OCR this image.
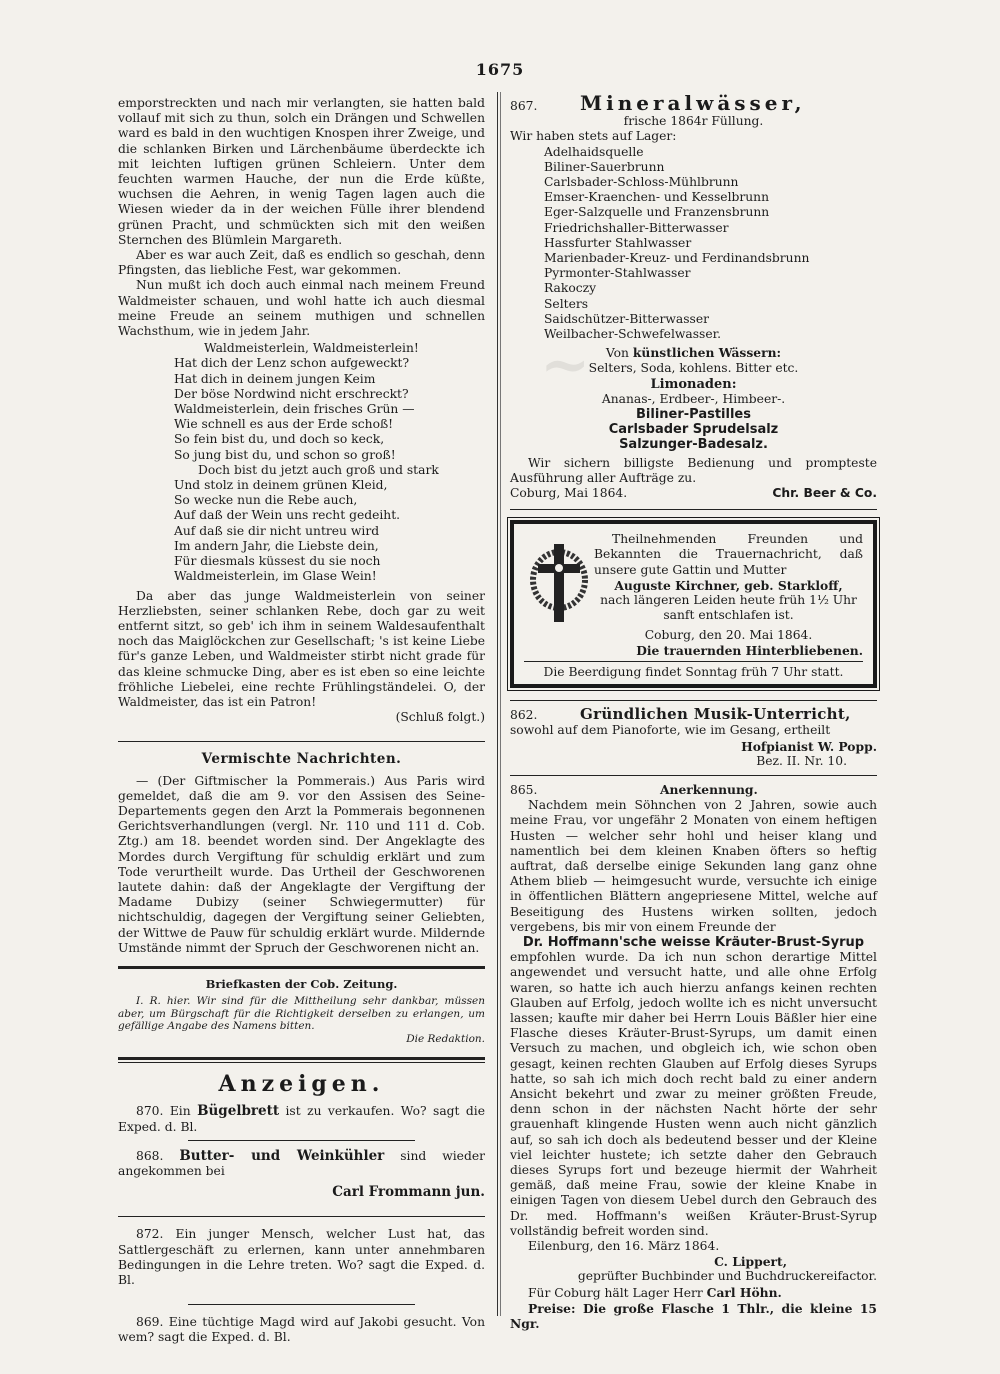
~
1675

emporstreckten und nach mir verlangten, sie hatten bald vollauf mit sich zu thun, solch ein Drängen und Schwellen ward es bald in den wuchtigen Knospen ihrer Zweige, und die schlanken Birken und Lärchenbäume überdeckte ich mit leichten luftigen grünen Schleiern. Unter dem feuchten warmen Hauche, der nun die Erde küßte, wuchsen die Aehren, in wenig Tagen lagen auch die Wiesen wieder da in der weichen Fülle ihrer blendend grünen Pracht, und schmückten sich mit den weißen Sternchen des Blümlein Margareth.

Aber es war auch Zeit, daß es endlich so geschah, denn Pfingsten, das liebliche Fest, war gekommen.

Nun mußt ich doch auch einmal nach meinem Freund Waldmeister schauen, und wohl hatte ich auch diesmal meine Freude an seinem muthigen und schnellen Wachsthum, wie in jedem Jahr.

Waldmeisterlein, Waldmeisterlein!
Hat dich der Lenz schon aufgeweckt?
Hat dich in deinem jungen Keim
Der böse Nordwind nicht erschreckt?
Waldmeisterlein, dein frisches Grün —
Wie schnell es aus der Erde schoß!
So fein bist du, und doch so keck,
So jung bist du, und schon so groß!
Doch bist du jetzt auch groß und stark
Und stolz in deinem grünen Kleid,
So wecke nun die Rebe auch,
Auf daß der Wein uns recht gedeiht.
Auf daß sie dir nicht untreu wird
Im andern Jahr, die Liebste dein,
Für diesmals küssest du sie noch
Waldmeisterlein, im Glase Wein!

Da aber das junge Waldmeisterlein von seiner Herzliebsten, seiner schlanken Rebe, doch gar zu weit entfernt sitzt, so geb' ich ihm in seinem Waldesaufenthalt noch das Maiglöckchen zur Gesellschaft; 's ist keine Liebe für's ganze Leben, und Waldmeister stirbt nicht grade für das kleine schmucke Ding, aber es ist eben so eine leichte fröhliche Liebelei, eine rechte Frühlingständelei. O, der Waldmeister, das ist ein Patron!

(Schluß folgt.)

Vermischte Nachrichten.

— (Der Giftmischer la Pommerais.) Aus Paris wird gemeldet, daß die am 9. vor den Assisen des Seine-Departements gegen den Arzt la Pommerais begonnenen Gerichtsverhandlungen (vergl. Nr. 110 und 111 d. Cob. Ztg.) am 18. beendet worden sind. Der Angeklagte des Mordes durch Vergiftung für schuldig erklärt und zum Tode verurtheilt wurde. Das Urtheil der Geschworenen lautete dahin: daß der Angeklagte der Vergiftung der Madame Dubizy (seiner Schwiegermutter) für nichtschuldig, dagegen der Vergiftung seiner Geliebten, der Wittwe de Pauw für schuldig erklärt wurde. Mildernde Umstände nimmt der Spruch der Geschworenen nicht an.

Briefkasten der Cob. Zeitung.

I. R. hier. Wir sind für die Mittheilung sehr dankbar, müssen aber, um Bürgschaft für die Richtigkeit derselben zu erlangen, um gefällige Angabe des Namens bitten.

Die Redaktion.

Anzeigen.

870. Ein Bügelbrett ist zu verkaufen. Wo? sagt die Exped. d. Bl.

868. Butter- und Weinkühler sind wieder angekommen bei

Carl Frommann jun.

872. Ein junger Mensch, welcher Lust hat, das Sattlergeschäft zu erlernen, kann unter annehmbaren Bedingungen in die Lehre treten. Wo? sagt die Exped. d. Bl.

869. Eine tüchtige Magd wird auf Jakobi gesucht. Von wem? sagt die Exped. d. Bl.

867.	Mineralwässer,

frische 1864r Füllung.

Wir haben stets auf Lager:

Adelhaidsquelle
Biliner-Sauerbrunn
Carlsbader-Schloss-Mühlbrunn
Emser-Kraenchen- und Kesselbrunn
Eger-Salzquelle und Franzensbrunn
Friedrichshaller-Bitterwasser
Hassfurter Stahlwasser
Marienbader-Kreuz- und Ferdinandsbrunn
Pyrmonter-Stahlwasser
Rakoczy
Selters
Saidschützer-Bitterwasser
Weilbacher-Schwefelwasser.

Von künstlichen Wässern:

Selters, Soda, kohlens. Bitter etc.

Limonaden:

Ananas-, Erdbeer-, Himbeer-.

Biliner-Pastilles

Carlsbader Sprudelsalz

Salzunger-Badesalz.

Wir sichern billigste Bedienung und prompteste Ausführung aller Aufträge zu.

Coburg, Mai 1864.	Chr. Beer & Co.

Theilnehmenden Freunden und Bekannten die Trauernachricht, daß unsere gute Gattin und Mutter

Auguste Kirchner, geb. Starkloff,

nach längeren Leiden heute früh 1½ Uhr sanft entschlafen ist.

Coburg, den 20. Mai 1864.

Die trauernden Hinterbliebenen.

Die Beerdigung findet Sonntag früh 7 Uhr statt.

862.	Gründlichen Musik-Unterricht,

sowohl auf dem Pianoforte, wie im Gesang, ertheilt

Hofpianist W. Popp.

Bez. II. Nr. 10.

865.	Anerkennung.

Nachdem mein Söhnchen von 2 Jahren, sowie auch meine Frau, vor ungefähr 2 Monaten von einem heftigen Husten — welcher sehr hohl und heiser klang und namentlich bei dem kleinen Knaben öfters so heftig auftrat, daß derselbe einige Sekunden lang ganz ohne Athem blieb — heimgesucht wurde, versuchte ich einige in öffentlichen Blättern angepriesene Mittel, welche auf Beseitigung des Hustens wirken sollten, jedoch vergebens, bis mir von einem Freunde der

Dr. Hoffmann'sche weisse Kräuter-Brust-Syrup

empfohlen wurde. Da ich nun schon derartige Mittel angewendet und versucht hatte, und alle ohne Erfolg waren, so hatte ich auch hierzu anfangs keinen rechten Glauben auf Erfolg, jedoch wollte ich es nicht unversucht lassen; kaufte mir daher bei Herrn Louis Bäßler hier eine Flasche dieses Kräuter-Brust-Syrups, um damit einen Versuch zu machen, und obgleich ich, wie schon oben gesagt, keinen rechten Glauben auf Erfolg dieses Syrups hatte, so sah ich mich doch recht bald zu einer andern Ansicht bekehrt und zwar zu meiner größten Freude, denn schon in der nächsten Nacht hörte der sehr grauenhaft klingende Husten wenn auch nicht gänzlich auf, so sah ich doch als bedeutend besser und der Kleine viel leichter hustete; ich setzte daher den Gebrauch dieses Syrups fort und bezeuge hiermit der Wahrheit gemäß, daß meine Frau, sowie der kleine Knabe in einigen Tagen von diesem Uebel durch den Gebrauch des Dr. med. Hoffmann's weißen Kräuter-Brust-Syrup vollständig befreit worden sind.

Eilenburg, den 16. März 1864.

C. Lippert,

geprüfter Buchbinder und Buchdruckereifactor.

Für Coburg hält Lager Herr Carl Höhn.

Preise: Die große Flasche 1 Thlr., die kleine 15 Ngr.
